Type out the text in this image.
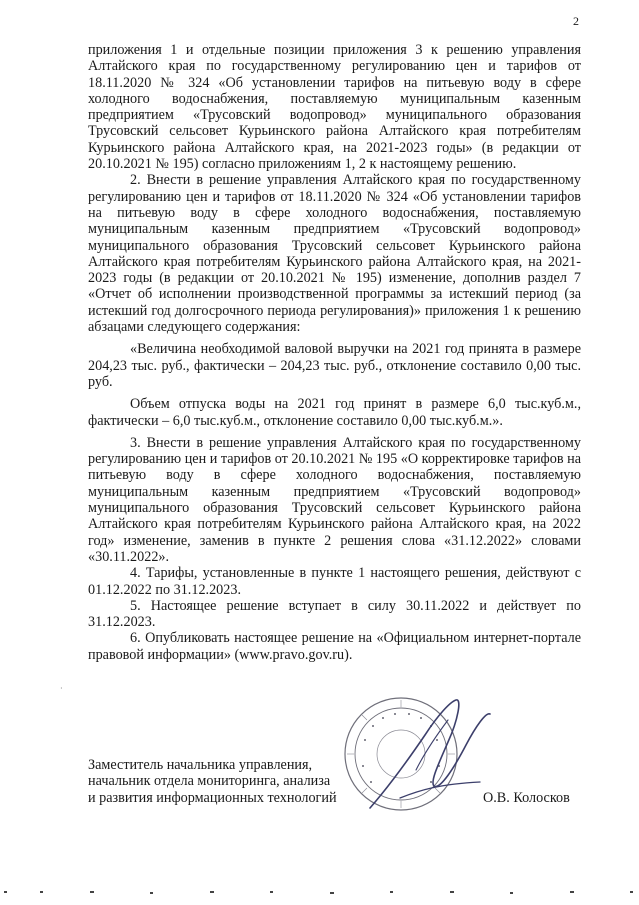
2

приложения 1 и отдельные позиции приложения 3 к решению управления Алтайского края по государственному регулированию цен и тарифов от 18.11.2020 № 324 «Об установлении тарифов на питьевую воду в сфере холодного водоснабжения, поставляемую муниципальным казенным предприятием «Трусовский водопровод» муниципального образования Трусовский сельсовет Курьинского района Алтайского края потребителям Курьинского района Алтайского края, на 2021-2023 годы» (в редакции от 20.10.2021 № 195) согласно приложениям 1, 2 к настоящему решению.

2. Внести в решение управления Алтайского края по государственному регулированию цен и тарифов от 18.11.2020 № 324 «Об установлении тарифов на питьевую воду в сфере холодного водоснабжения, поставляемую муниципальным казенным предприятием «Трусовский водопровод» муниципального образования Трусовский сельсовет Курьинского района Алтайского края потребителям Курьинского района Алтайского края, на 2021-2023 годы (в редакции от 20.10.2021 № 195) изменение, дополнив раздел 7 «Отчет об исполнении производственной программы за истекший период (за истекший год долгосрочного периода регулирования)» приложения 1 к решению абзацами следующего содержания:

«Величина необходимой валовой выручки на 2021 год принята в размере 204,23 тыс. руб., фактически – 204,23 тыс. руб., отклонение составило 0,00 тыс. руб.

Объем отпуска воды на 2021 год принят в размере 6,0 тыс.куб.м., фактически – 6,0 тыс.куб.м., отклонение составило 0,00 тыс.куб.м.».

3. Внести в решение управления Алтайского края по государственному регулированию цен и тарифов от 20.10.2021 № 195 «О корректировке тарифов на питьевую воду в сфере холодного водоснабжения, поставляемую муниципальным казенным предприятием «Трусовский водопровод» муниципального образования Трусовский сельсовет Курьинского района Алтайского края потребителям Курьинского района Алтайского края, на 2022 год» изменение, заменив в пункте 2 решения слова «31.12.2022» словами «30.11.2022».

4. Тарифы, установленные в пункте 1 настоящего решения, действуют с 01.12.2022 по 31.12.2023.

5. Настоящее решение вступает в силу 30.11.2022 и действует по 31.12.2023.

6. Опубликовать настоящее решение на «Официальном интернет-портале правовой информации» (www.pravo.gov.ru).

·
Заместитель начальника управления,
начальник отдела мониторинга, анализа
и развития информационных технологий	О.В. Колосков
